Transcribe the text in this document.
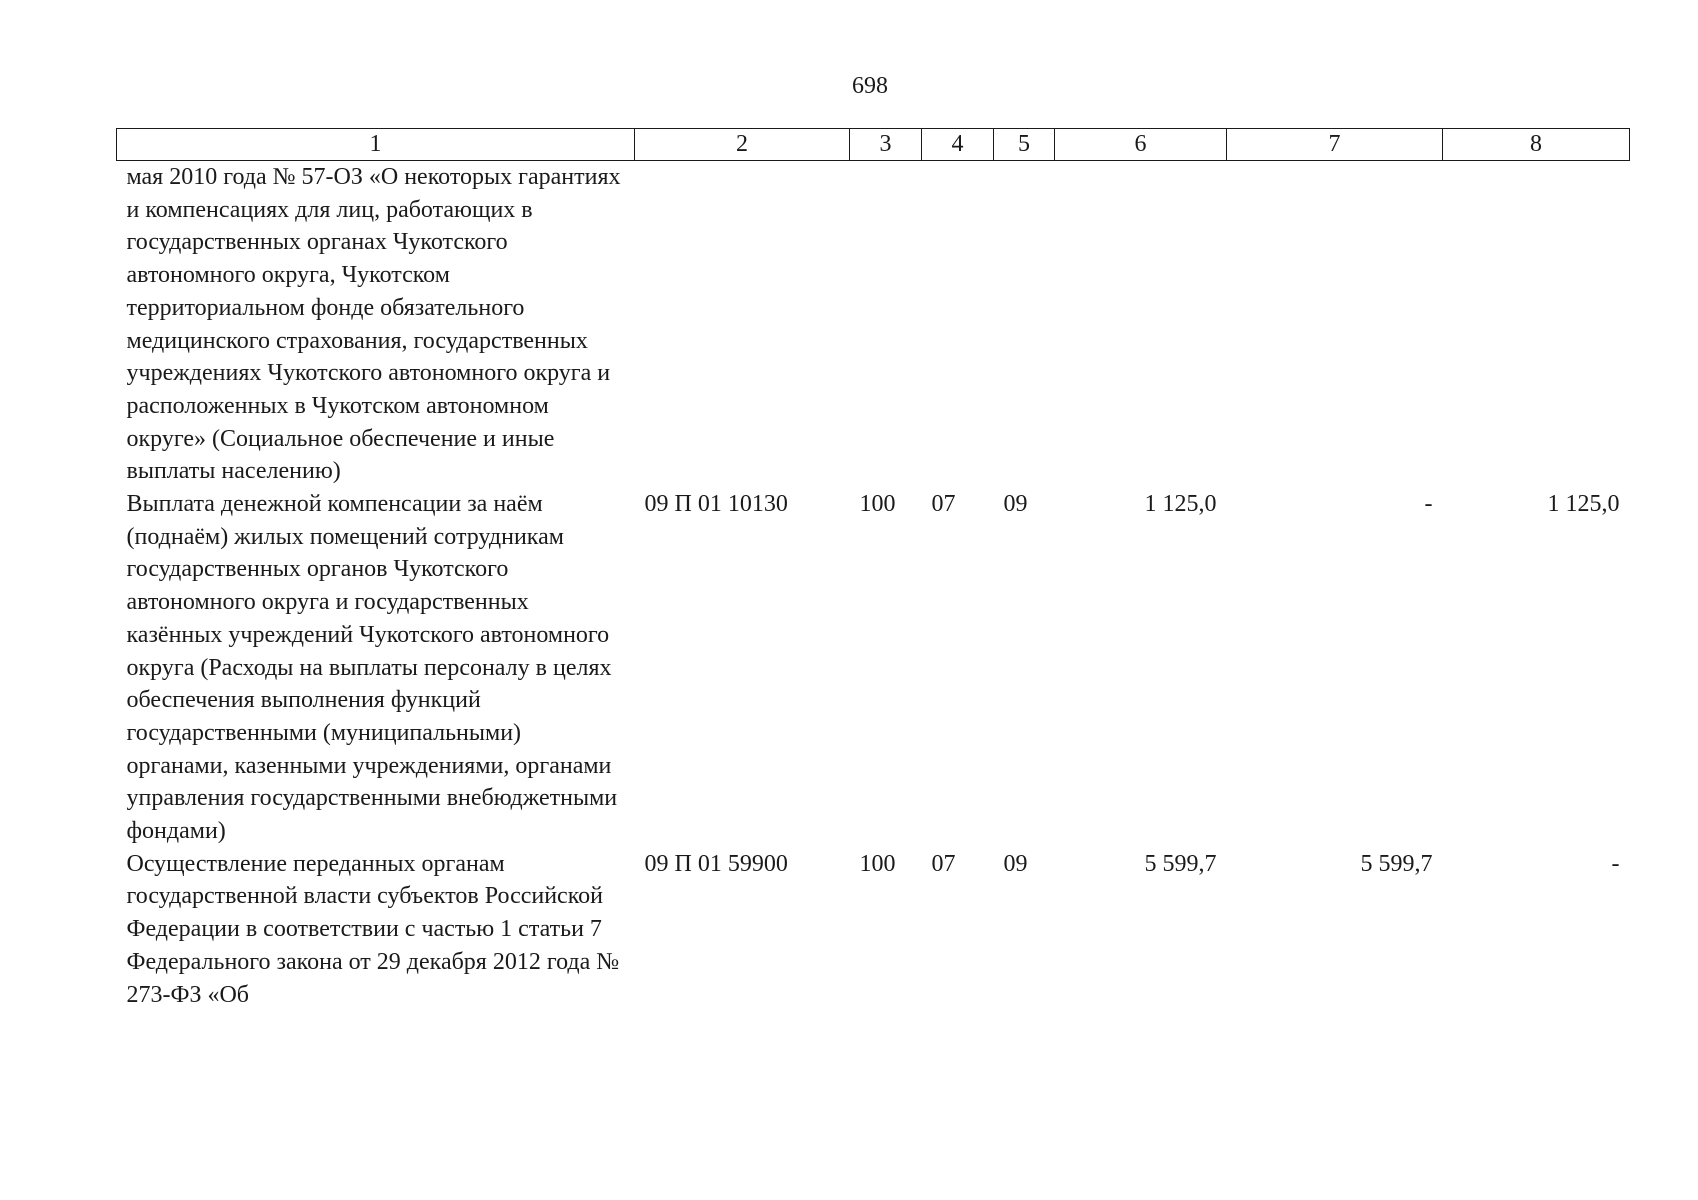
698
1	2	3	4	5	6	7	8
мая 2010 года № 57-ОЗ «О некоторых гарантиях и компенсациях для лиц, работающих в государственных органах Чукотского автономного округа, Чукотском территориальном фонде обязательного медицинского страхования, государственных учреждениях Чукотского автономного округа и расположенных в Чукотском автономном округе» (Социальное обеспечение и иные выплаты населению)							
Выплата денежной компенсации за наём (поднаём) жилых помещений сотрудникам государственных органов Чукотского автономного округа и государственных казённых учреждений Чукотского автономного округа (Расходы на выплаты персоналу в целях обеспечения выполнения функций государственными (муниципальными) органами, казенными учреждениями, органами управления государственными внебюджетными фондами)	09 П 01 10130	100	07	09	1 125,0	-	1 125,0
Осуществление переданных органам государственной власти субъектов Российской Федерации в соответствии с частью 1 статьи 7 Федерального закона от 29 декабря 2012 года № 273-ФЗ «Об	09 П 01 59900	100	07	09	5 599,7	5 599,7	-
